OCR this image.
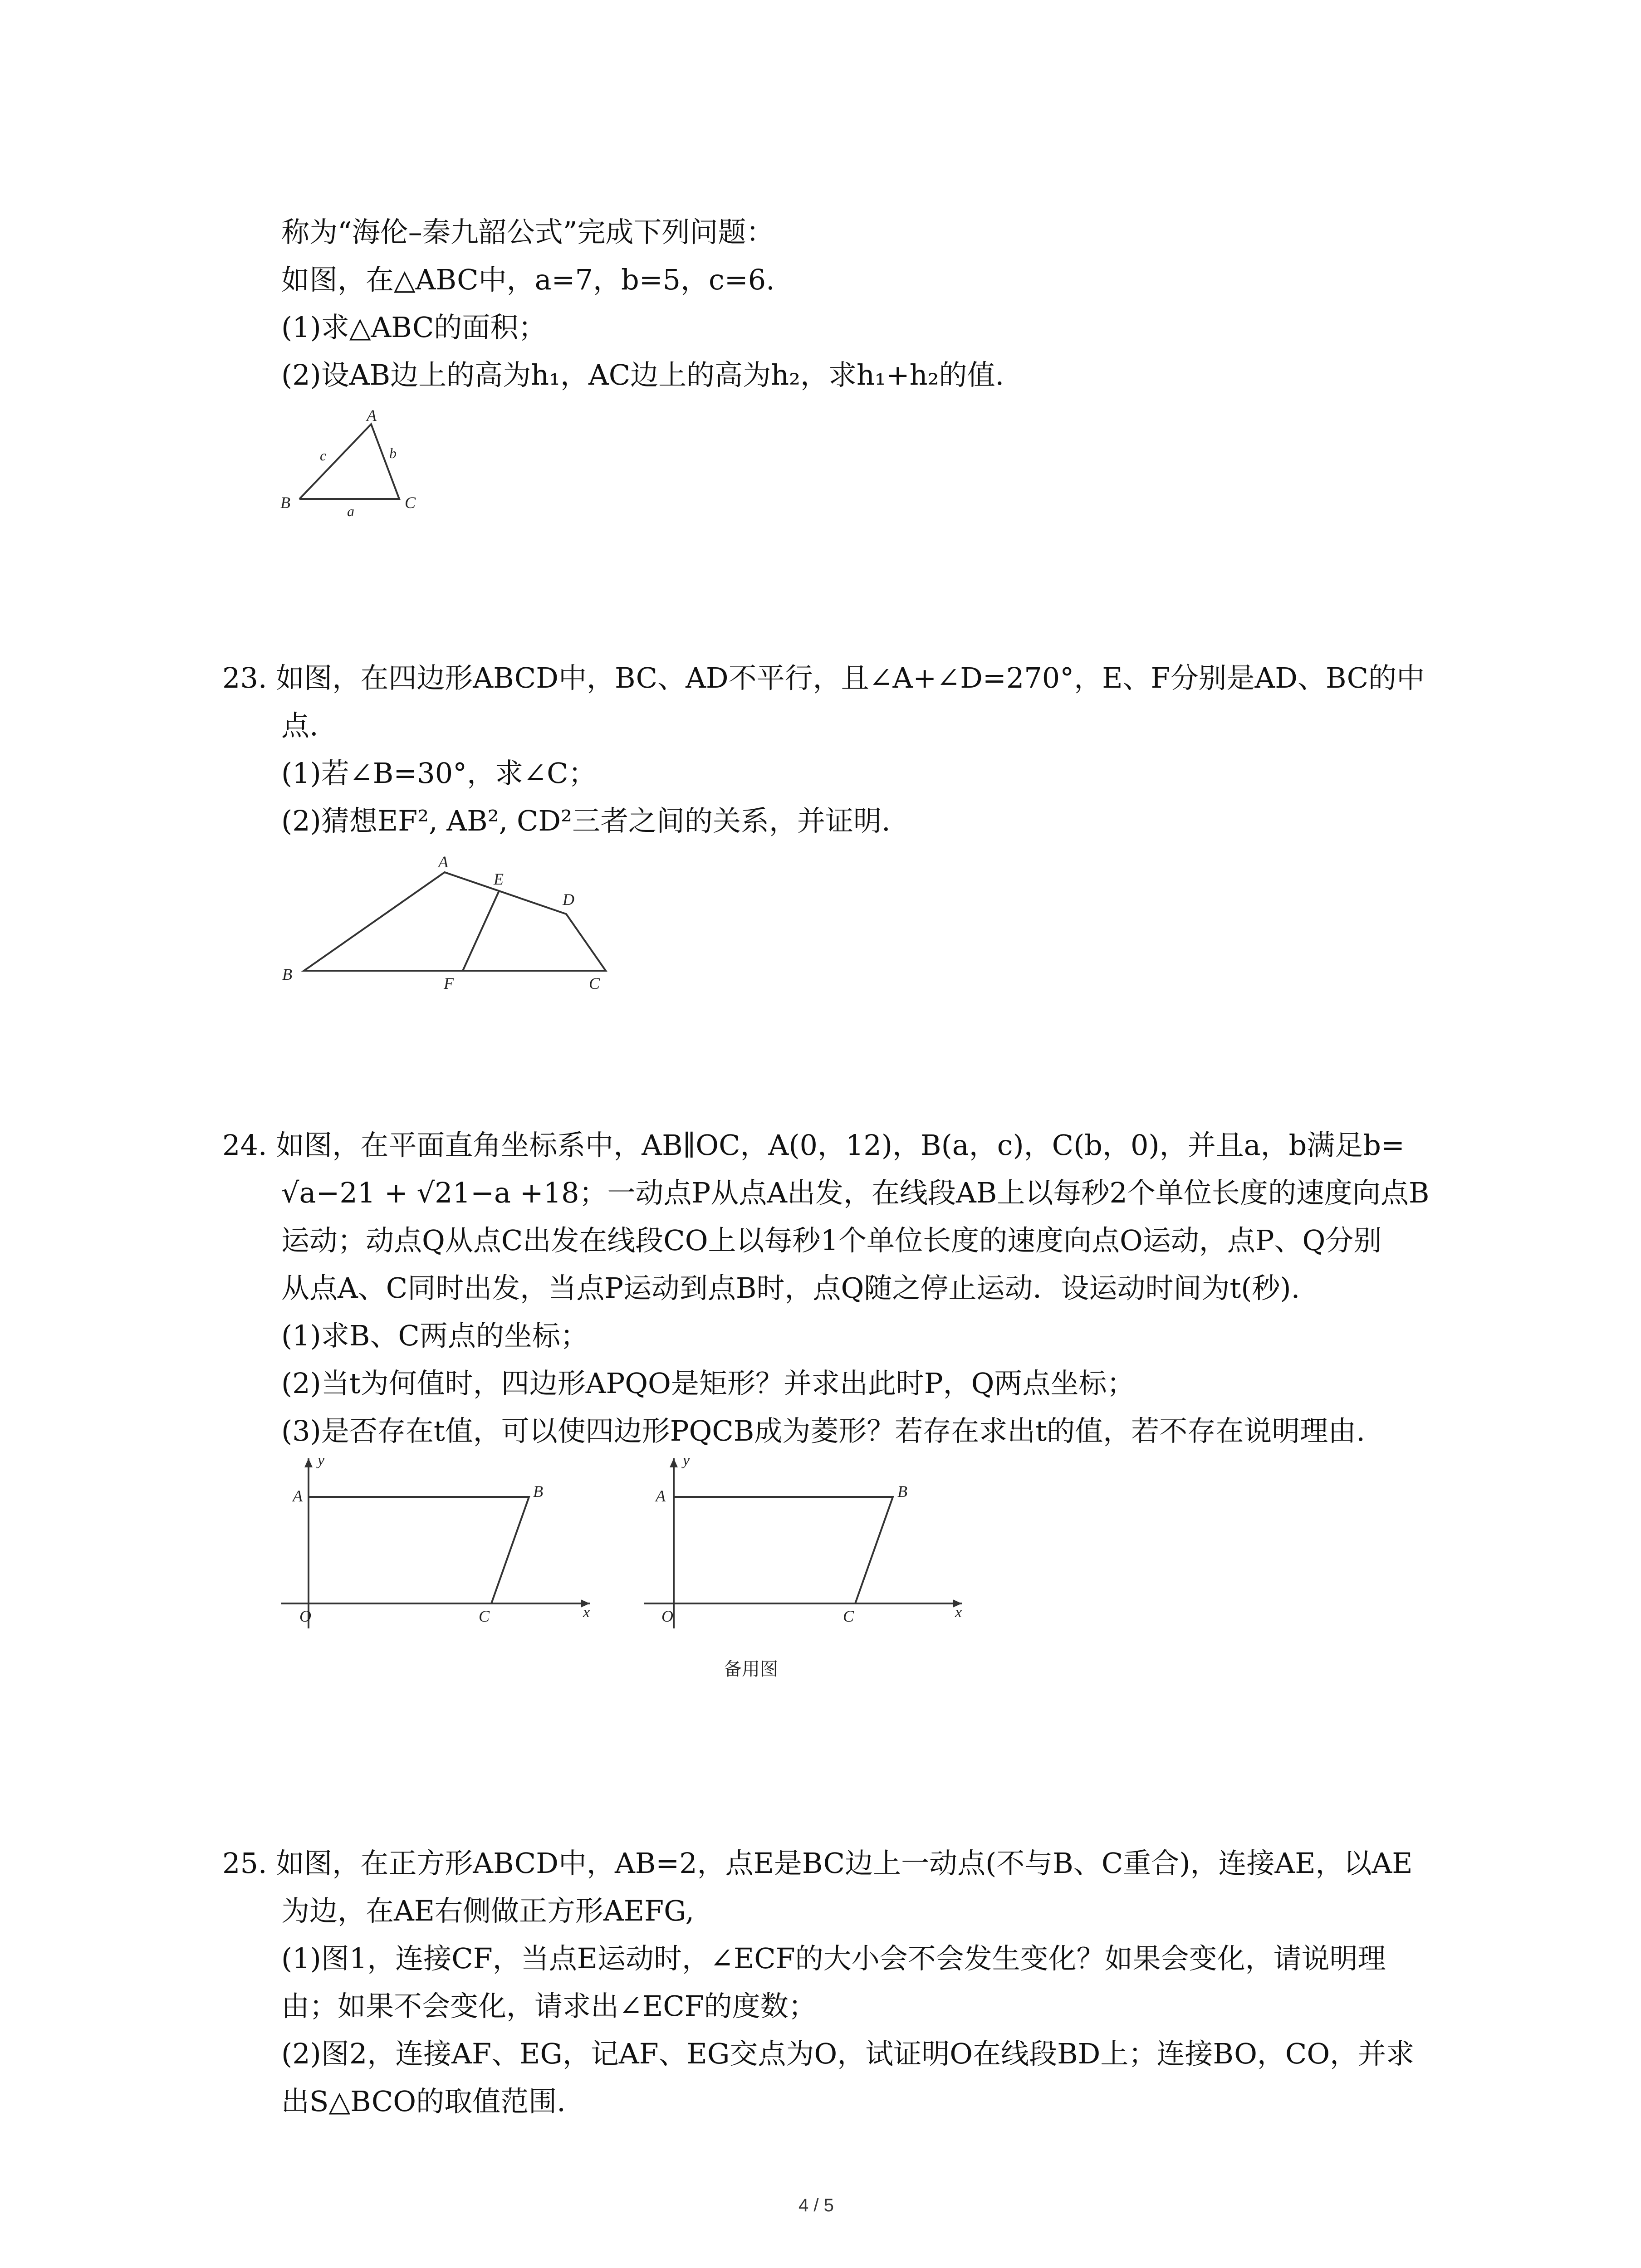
称为“海伦–秦九韶公式”完成下列问题：
如图，在△ABC中，a=7，b=5，c=6.
(1)求△ABC的面积；
(2)设AB边上的高为h₁，AC边上的高为h₂，求h₁+h₂的值.
A
B	C
a
b
c
23. 如图，在四边形ABCD中，BC、AD不平行，且∠A+∠D=270°，E、F分别是AD、BC的中
点.
(1)若∠B=30°，求∠C；
(2)猜想EF², AB², CD²三者之间的关系，并证明.
A
B	C
D
E
F
24. 如图，在平面直角坐标系中，AB∥OC，A(0，12)，B(a，c)，C(b，0)，并且a，b满足b=
√a−21 + √21−a +18；一动点P从点A出发，在线段AB上以每秒2个单位长度的速度向点B
运动；动点Q从点C出发在线段CO上以每秒1个单位长度的速度向点O运动，点P、Q分别
从点A、C同时出发，当点P运动到点B时，点Q随之停止运动．设运动时间为t(秒).
(1)求B、C两点的坐标；
(2)当t为何值时，四边形APQO是矩形？并求出此时P，Q两点坐标；
(3)是否存在t值，可以使四边形PQCB成为菱形？若存在求出t的值，若不存在说明理由.
y
x
O
A	B
C
y
x
O
A	B
C
备用图
25. 如图，在正方形ABCD中，AB=2，点E是BC边上一动点(不与B、C重合)，连接AE，以AE
为边，在AE右侧做正方形AEFG,
(1)图1，连接CF，当点E运动时，∠ECF的大小会不会发生变化？如果会变化，请说明理
由；如果不会变化，请求出∠ECF的度数；
(2)图2，连接AF、EG，记AF、EG交点为O，试证明O在线段BD上；连接BO，CO，并求
出S△BCO的取值范围.
4 / 5
